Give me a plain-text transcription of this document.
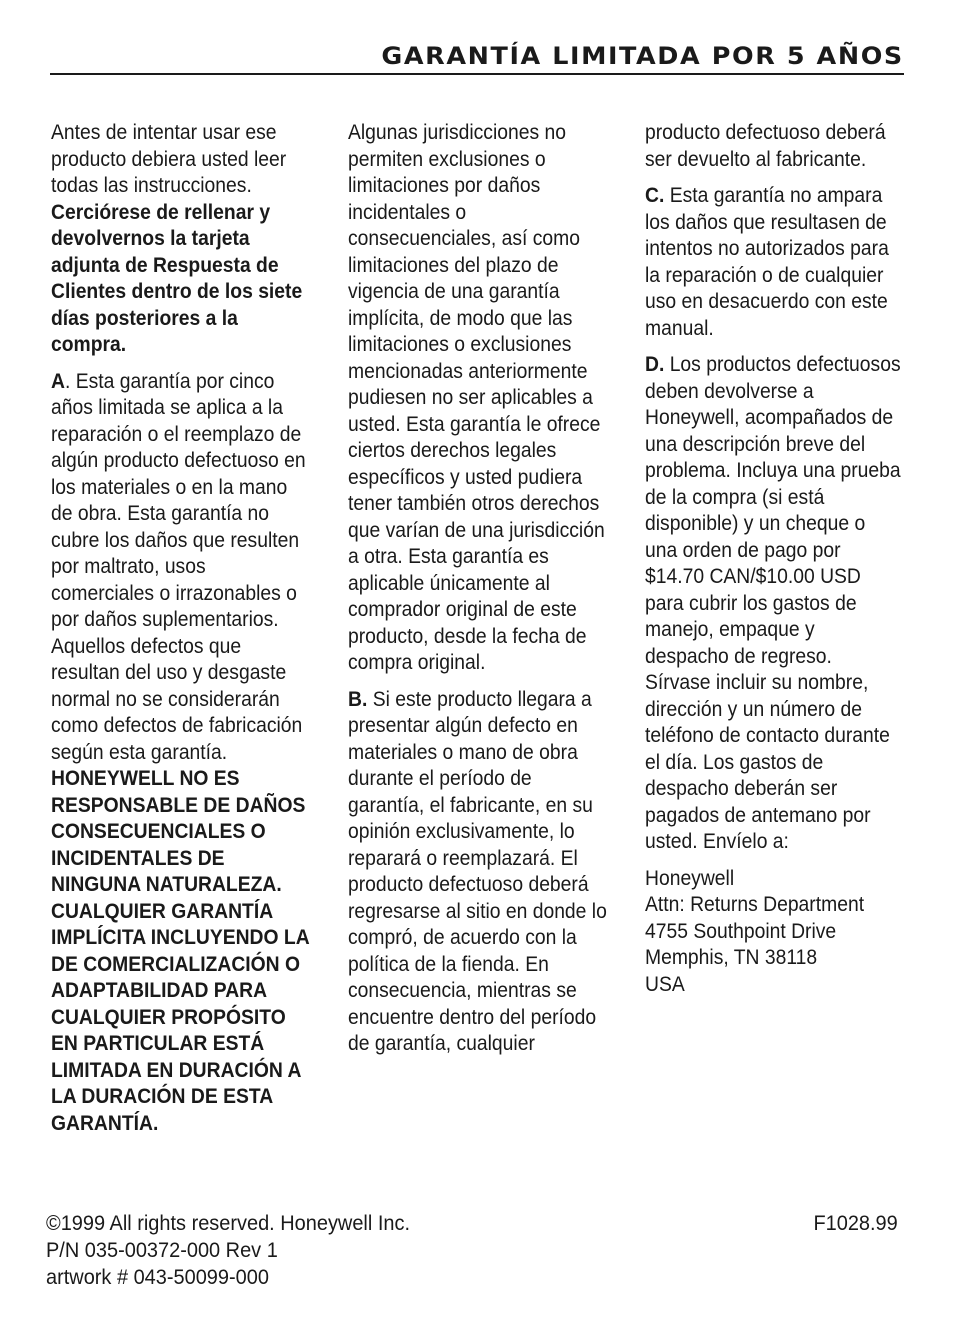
GARANTÍA LIMITADA POR 5 AÑOS

Antes de intentar usar ese producto debiera usted leer todas las instrucciones. Cerciórese de rellenar y devolvernos la tarjeta adjunta de Respuesta de Clientes dentro de los siete días posteriores a la compra.

A. Esta garantía por cinco años limitada se aplica a la reparación o el reemplazo de algún producto defectuoso en los materiales o en la mano de obra. Esta garantía no cubre los daños que resulten por maltrato, usos comerciales o irrazonables o por daños suplementarios. Aquellos defectos que resultan del uso y desgaste normal no se considerarán como defectos de fabricación según esta garantía. HONEYWELL NO ES RESPONSABLE DE DAÑOS CONSECUENCIALES O INCIDENTALES DE NINGUNA NATURALEZA. CUALQUIER GARANTÍA IMPLÍCITA INCLUYENDO LA DE COMERCIALIZACIÓN O ADAPTABILIDAD PARA CUALQUIER PROPÓSITO EN PARTICULAR ESTÁ LIMITADA EN DURACIÓN A LA DURACIÓN DE ESTA GARANTÍA.

Algunas jurisdicciones no permiten exclusiones o limitaciones por daños incidentales o consecuenciales, así como limitaciones del plazo de vigencia de una garantía implícita, de modo que las limitaciones o exclusiones mencionadas anteriormente pudiesen no ser aplicables a usted. Esta garantía le ofrece ciertos derechos legales específicos y usted pudiera tener también otros derechos que varían de una jurisdicción a otra. Esta garantía es aplicable únicamente al comprador original de este producto, desde la fecha de compra original.

B. Si este producto llegara a presentar algún defecto en materiales o mano de obra durante el período de garantía, el fabricante, en su opinión exclusivamente, lo reparará o reemplazará. El producto defectuoso deberá regresarse al sitio en donde lo compró, de acuerdo con la política de la fienda. En consecuencia, mientras se encuentre dentro del período de garantía, cualquier

producto defectuoso deberá ser devuelto al fabricante.

C. Esta garantía no ampara los daños que resultasen de intentos no autorizados para la reparación o de cualquier uso en desacuerdo con este manual.

D. Los productos defectuosos deben devolverse a Honeywell, acompañados de una descripción breve del problema. Incluya una prueba de la compra (si está disponible) y un cheque o una orden de pago por $14.70 CAN/$10.00 USD para cubrir los gastos de manejo, empaque y despacho de regreso. Sírvase incluir su nombre, dirección y un número de teléfono de contacto durante el día. Los gastos de despacho deberán ser pagados de antemano por usted. Envíelo a:

Honeywell
Attn: Returns Department
4755 Southpoint Drive
Memphis, TN 38118
USA
©1999 All rights reserved. Honeywell Inc.
P/N 035-00372-000 Rev 1
artwork # 043-50099-000
F1028.99
